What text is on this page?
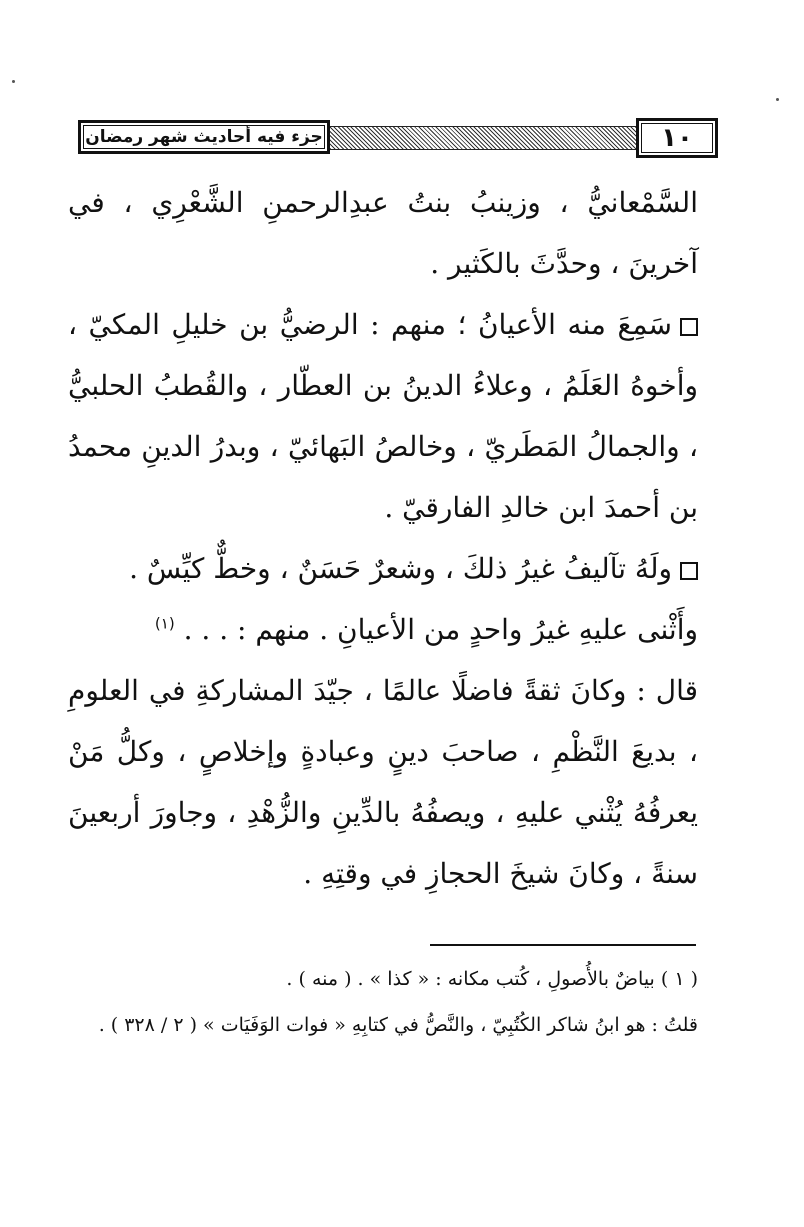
جزء فيه أحاديث شهر رمضان	١٠

السَّمْعانيُّ ، وزينبُ بنتُ عبدِالرحمنِ الشَّعْرِي ، في آخرينَ ، وحدَّثَ بالكَثير .

سَمِعَ منه الأعيانُ ؛ منهم : الرضيُّ بن خليلِ المكيّ ، وأخوهُ العَلَمُ ، وعلاءُ الدينُ بن العطّار ، والقُطبُ الحلبيُّ ، والجمالُ المَطَريّ ، وخالصُ البَهائيّ ، وبدرُ الدينِ محمدُ بن أحمدَ ابن خالدِ الفارقيّ .

ولَهُ تآليفُ غيرُ ذلكَ ، وشعرٌ حَسَنٌ ، وخطٌّ كيِّسٌ .

وأَثْنى عليهِ غيرُ واحدٍ من الأعيانِ . منهم : . . . $^{(١)}$

قال : وكانَ ثقةً فاضلًا عالمًا ، جيّدَ المشاركةِ في العلومِ ، بديعَ النَّظْمِ ، صاحبَ دينٍ وعبادةٍ وإخلاصٍ ، وكلُّ مَنْ يعرفُهُ يُثْني عليهِ ، ويصفُهُ بالدِّينِ والزُّهْدِ ، وجاورَ أربعينَ سنةً ، وكانَ شيخَ الحجازِ في وقتِهِ .

( ١ ) بياضٌ بالأُصولِ ، كُتب مكانه : « كذا » . ( منه ) .

قلتُ : هو ابنُ شاكر الكُتُبِيّ ، والنَّصُّ في كتابِهِ « فوات الوَفَيَات » ( ٢ / ٣٢٨ ) .
